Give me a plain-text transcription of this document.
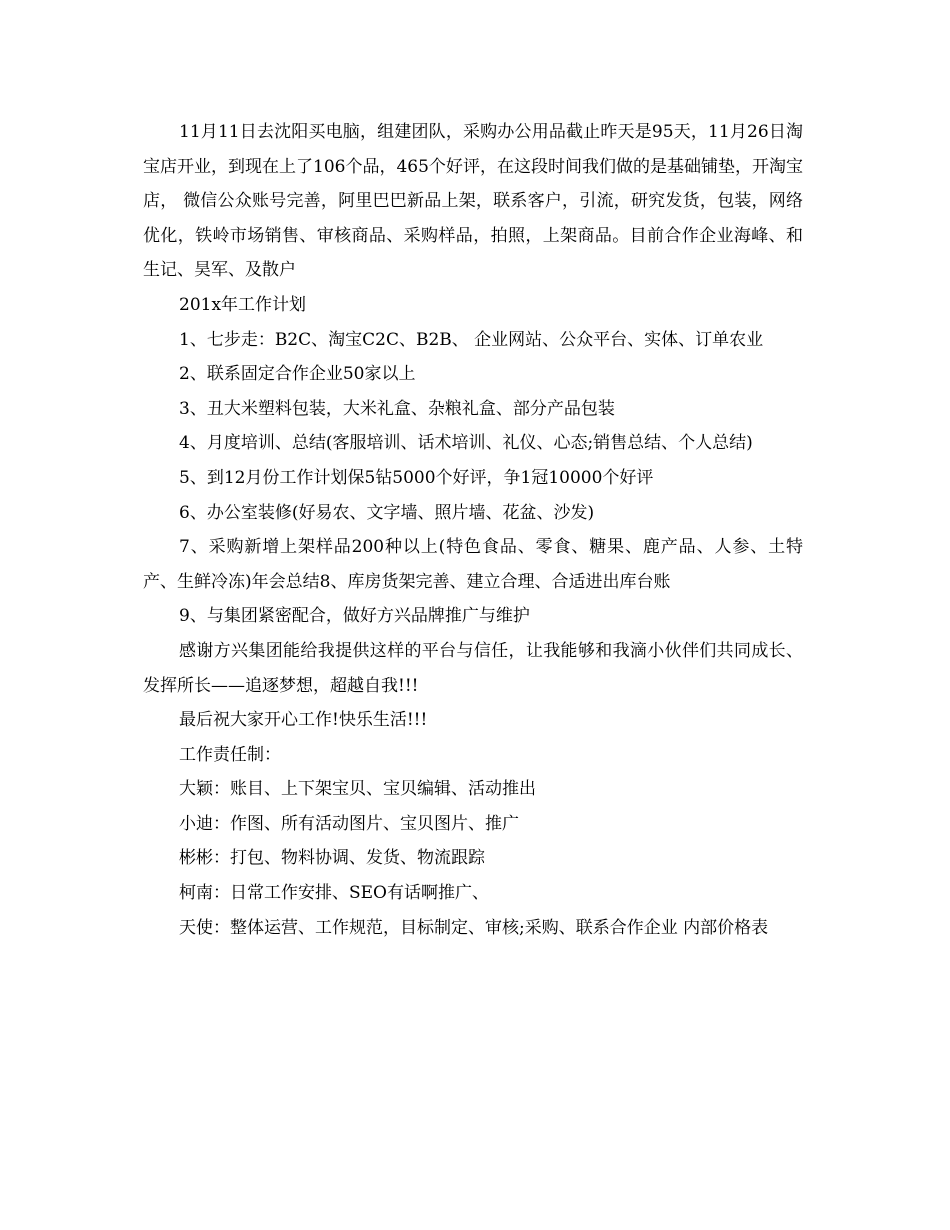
11月11日去沈阳买电脑，组建团队，采购办公用品截止昨天是95天，11月26日淘宝店开业，到现在上了106个品，465个好评，在这段时间我们做的是基础铺垫，开淘宝店， 微信公众账号完善，阿里巴巴新品上架，联系客户，引流，研究发货，包装，网络优化，铁岭市场销售、审核商品、采购样品，拍照，上架商品。目前合作企业海峰、和生记、昊军、及散户

201x年工作计划

1、七步走：B2C、淘宝C2C、B2B、 企业网站、公众平台、实体、订单农业

2、联系固定合作企业50家以上

3、丑大米塑料包装，大米礼盒、杂粮礼盒、部分产品包装

4、月度培训、总结(客服培训、话术培训、礼仪、心态;销售总结、个人总结)

5、到12月份工作计划保5钻5000个好评，争1冠10000个好评

6、办公室装修(好易农、文字墙、照片墙、花盆、沙发)

7、采购新增上架样品200种以上(特色食品、零食、糖果、鹿产品、人参、土特产、生鲜冷冻)年会总结8、库房货架完善、建立合理、合适进出库台账

9、与集团紧密配合，做好方兴品牌推广与维护

感谢方兴集团能给我提供这样的平台与信任，让我能够和我滴小伙伴们共同成长、发挥所长——追逐梦想，超越自我!!!

最后祝大家开心工作!快乐生活!!!

工作责任制：

大颖：账目、上下架宝贝、宝贝编辑、活动推出

小迪：作图、所有活动图片、宝贝图片、推广

彬彬：打包、物料协调、发货、物流跟踪

柯南：日常工作安排、SEO有话啊推广、

天使：整体运营、工作规范，目标制定、审核;采购、联系合作企业 内部价格表
